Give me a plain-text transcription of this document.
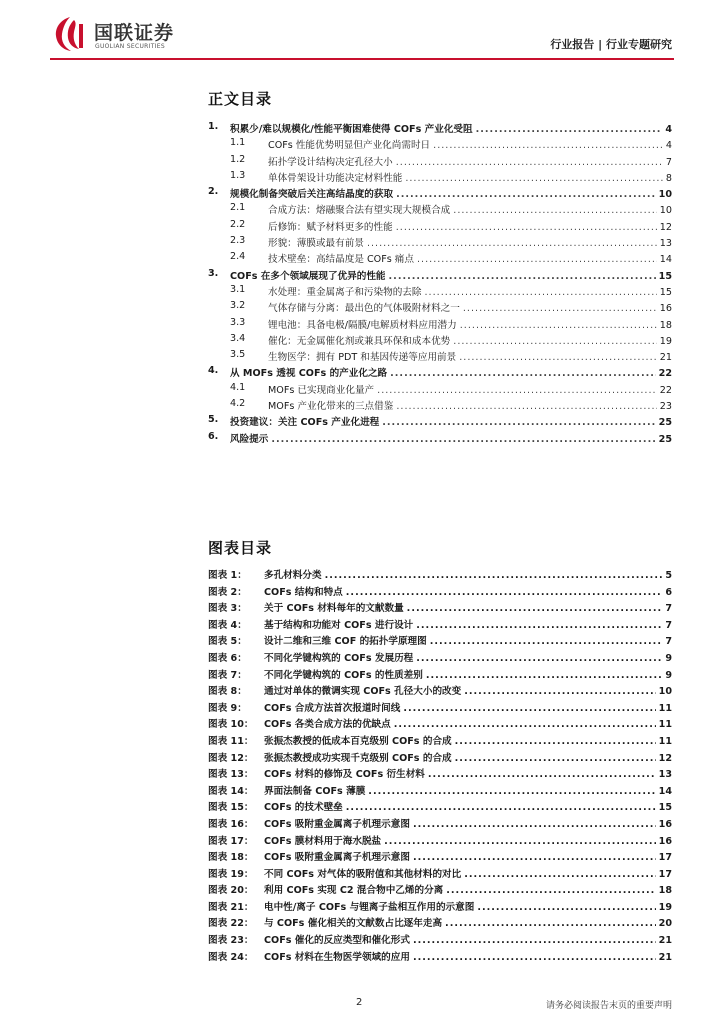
国联证券
GUOLIAN SECURITIES	行业报告 | 行业专题研究
正文目录
1. 积累少/难以规模化/性能平衡困难使得 COFs 产业化受阻 .....	4
1.1 COFs 性能优势明显但产业化尚需时日 .....	4
1.2 拓扑学设计结构决定孔径大小 .....	7
1.3 单体骨架设计功能决定材料性能 .....	8
2. 规模化制备突破后关注高结晶度的获取 .....	10
2.1 合成方法：熔融聚合法有望实现大规模合成 .....	10
2.2 后修饰：赋予材料更多的性能 .....	12
2.3 形貌：薄膜或最有前景 .....	13
2.4 技术壁垒：高结晶度是 COFs 痛点 .....	14
3. COFs 在多个领域展现了优异的性能 .....	15
3.1 水处理：重金属离子和污染物的去除 .....	15
3.2 气体存储与分离：最出色的气体吸附材料之一 .....	16
3.3 锂电池：具备电极/隔膜/电解质材料应用潜力 .....	18
3.4 催化：无金属催化剂或兼具环保和成本优势 .....	19
3.5 生物医学：拥有 PDT 和基因传递等应用前景 .....	21
4. 从 MOFs 透视 COFs 的产业化之路 .....	22
4.1 MOFs 已实现商业化量产 .....	22
4.2 MOFs 产业化带来的三点借鉴 .....	23
5. 投资建议：关注 COFs 产业化进程 .....	25
6. 风险提示 .....	25
图表目录
图表 1： 多孔材料分类 .....	5
图表 2： COFs 结构和特点 .....	6
图表 3： 关于 COFs 材料每年的文献数量 .....	7
图表 4： 基于结构和功能对 COFs 进行设计 .....	7
图表 5： 设计二维和三维 COF 的拓扑学原理图 .....	7
图表 6： 不同化学键构筑的 COFs 发展历程 .....	9
图表 7： 不同化学键构筑的 COFs 的性质差别 .....	9
图表 8： 通过对单体的微调实现 COFs 孔径大小的改变 .....	10
图表 9： COFs 合成方法首次报道时间线 .....	11
图表 10： COFs 各类合成方法的优缺点 .....	11
图表 11： 张振杰教授的低成本百克级别 COFs 的合成 .....	11
图表 12： 张振杰教授成功实现千克级别 COFs 的合成 .....	12
图表 13： COFs 材料的修饰及 COFs 衍生材料 .....	13
图表 14： 界面法制备 COFs 薄膜 .....	14
图表 15： COFs 的技术壁垒 .....	15
图表 16： COFs 吸附重金属离子机理示意图 .....	16
图表 17： COFs 膜材料用于海水脱盐 .....	16
图表 18： COFs 吸附重金属离子机理示意图 .....	17
图表 19： 不同 COFs 对气体的吸附值和其他材料的对比 .....	17
图表 20： 利用 COFs 实现 C2 混合物中乙烯的分离 .....	18
图表 21： 电中性/离子 COFs 与锂离子盐相互作用的示意图 .....	19
图表 22： 与 COFs 催化相关的文献数占比逐年走高 .....	20
图表 23： COFs 催化的反应类型和催化形式 .....	21
图表 24： COFs 材料在生物医学领域的应用 .....	21
2	请务必阅读报告末页的重要声明
